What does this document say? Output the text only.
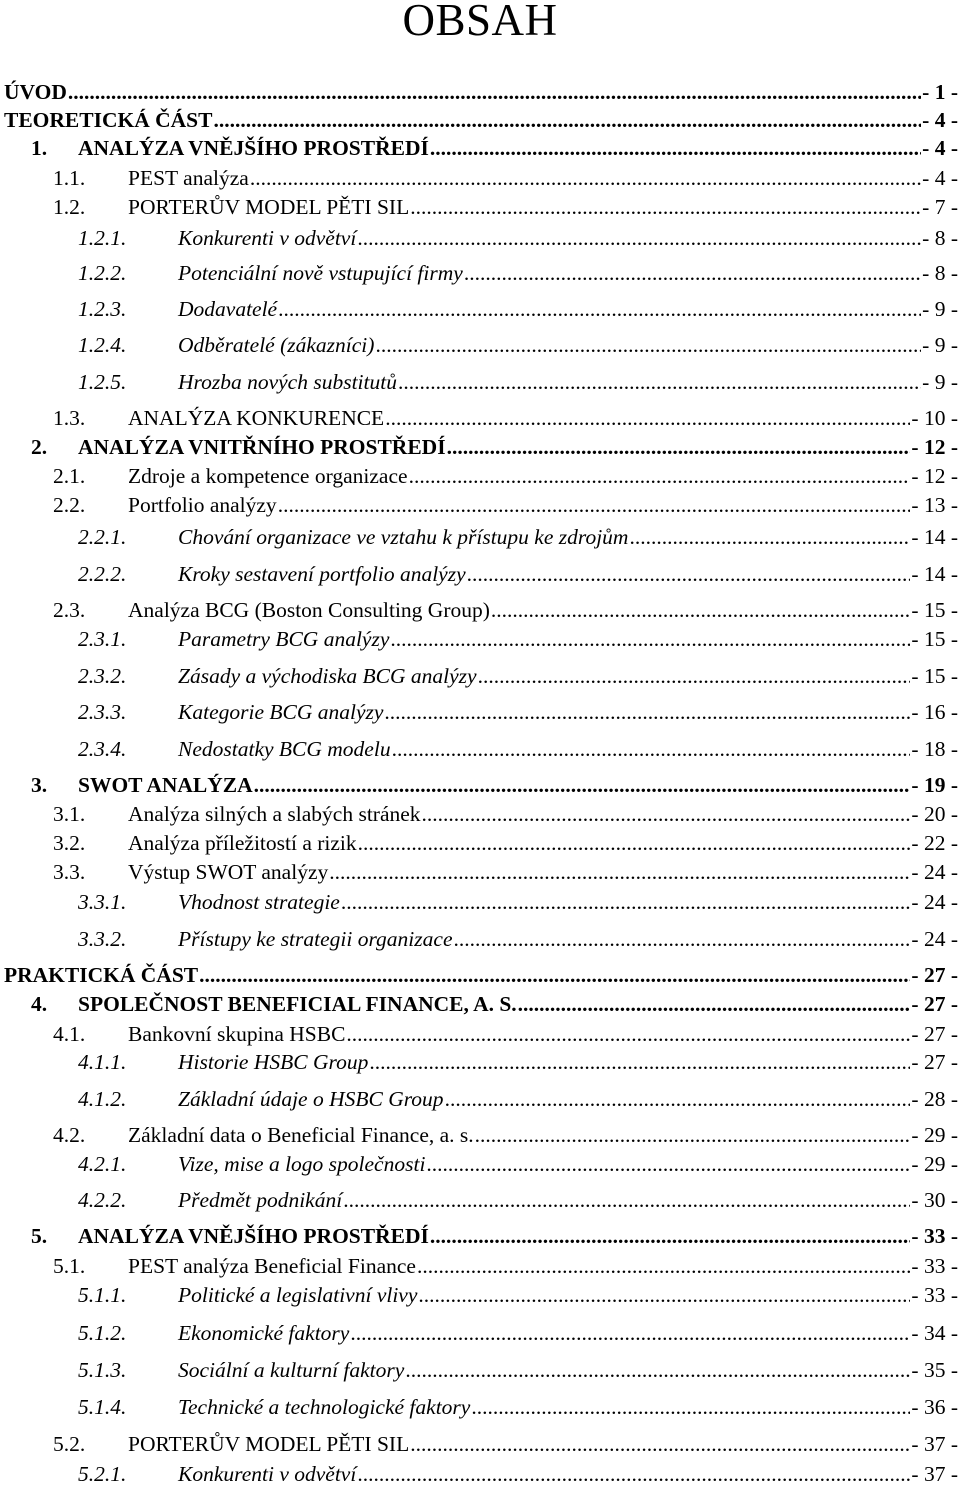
OBSAH
ÚVOD .....	- 1 -
TEORETICKÁ ČÁST .....	- 4 -
1. ANALÝZA VNĚJŠÍHO PROSTŘEDÍ .....	- 4 -
1.1. PEST analýza .....	- 4 -
1.2. PORTERŮV MODEL PĚTI SIL .....	- 7 -
1.2.1. Konkurenti v odvětví .....	- 8 -
1.2.2. Potenciální nově vstupující firmy .....	- 8 -
1.2.3. Dodavatelé .....	- 9 -
1.2.4. Odběratelé (zákazníci) .....	- 9 -
1.2.5. Hrozba nových substitutů .....	- 9 -
1.3. ANALÝZA KONKURENCE .....	- 10 -
2. ANALÝZA VNITŘNÍHO PROSTŘEDÍ .....	- 12 -
2.1. Zdroje a kompetence organizace .....	- 12 -
2.2. Portfolio analýzy .....	- 13 -
2.2.1. Chování organizace ve vztahu k přístupu ke zdrojům .....	- 14 -
2.2.2. Kroky sestavení portfolio analýzy .....	- 14 -
2.3. Analýza BCG (Boston Consulting Group) .....	- 15 -
2.3.1. Parametry BCG analýzy .....	- 15 -
2.3.2. Zásady a východiska BCG analýzy .....	- 15 -
2.3.3. Kategorie BCG analýzy .....	- 16 -
2.3.4. Nedostatky BCG modelu .....	- 18 -
3. SWOT ANALÝZA .....	- 19 -
3.1. Analýza silných a slabých stránek .....	- 20 -
3.2. Analýza příležitostí a rizik .....	- 22 -
3.3. Výstup SWOT analýzy .....	- 24 -
3.3.1. Vhodnost strategie .....	- 24 -
3.3.2. Přístupy ke strategii organizace .....	- 24 -
PRAKTICKÁ ČÁST .....	- 27 -
4. SPOLEČNOST BENEFICIAL FINANCE, A. S. .....	- 27 -
4.1. Bankovní skupina HSBC .....	- 27 -
4.1.1. Historie HSBC Group .....	- 27 -
4.1.2. Základní údaje o HSBC Group .....	- 28 -
4.2. Základní data o Beneficial Finance, a. s. .....	- 29 -
4.2.1. Vize, mise a logo společnosti .....	- 29 -
4.2.2. Předmět podnikání .....	- 30 -
5. ANALÝZA VNĚJŠÍHO PROSTŘEDÍ .....	- 33 -
5.1. PEST analýza Beneficial Finance .....	- 33 -
5.1.1. Politické a legislativní vlivy .....	- 33 -
5.1.2. Ekonomické faktory .....	- 34 -
5.1.3. Sociální a kulturní faktory .....	- 35 -
5.1.4. Technické a technologické faktory .....	- 36 -
5.2. PORTERŮV MODEL PĚTI SIL .....	- 37 -
5.2.1. Konkurenti v odvětví .....	- 37 -
